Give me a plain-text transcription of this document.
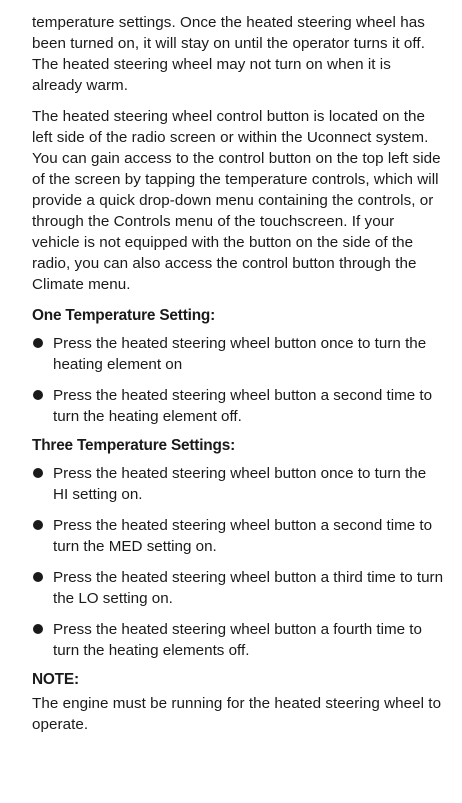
temperature settings. Once the heated steering wheel has been turned on, it will stay on until the operator turns it off. The heated steering wheel may not turn on when it is already warm.

The heated steering wheel control button is located on the left side of the radio screen or within the Uconnect system. You can gain access to the control button on the top left side of the screen by tapping the temperature controls, which will provide a quick drop-down menu containing the controls, or through the Controls menu of the touchscreen. If your vehicle is not equipped with the button on the side of the radio, you can also access the control button through the Climate menu.

One Temperature Setting:
Press the heated steering wheel button once to turn the heating element on
Press the heated steering wheel button a second time to turn the heating element off.
Three Temperature Settings:
Press the heated steering wheel button once to turn the HI setting on.
Press the heated steering wheel button a second time to turn the MED setting on.
Press the heated steering wheel button a third time to turn the LO setting on.
Press the heated steering wheel button a fourth time to turn the heating elements off.
NOTE:

The engine must be running for the heated steering wheel to operate.
